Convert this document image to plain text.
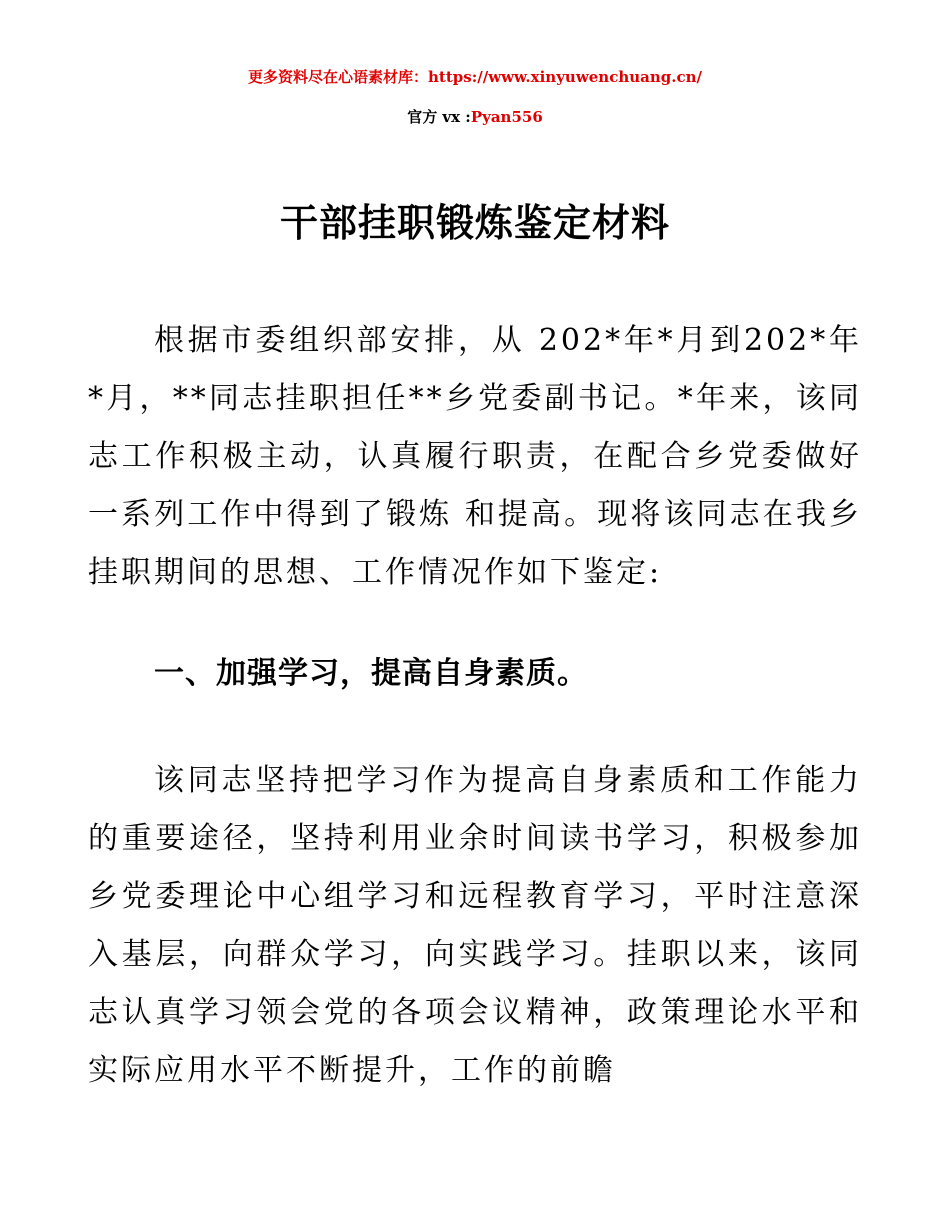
更多资料尽在心语素材库：https://www.xinyuwenchuang.cn/
官方 vx :Pyan556
干部挂职锻炼鉴定材料

根据市委组织部安排，从 202*年*月到202*年*月，**同志挂职担任**乡党委副书记。*年来，该同志工作积极主动，认真履行职责，在配合乡党委做好一系列工作中得到了锻炼 和提高。现将该同志在我乡挂职期间的思想、工作情况作如下鉴定:

一、加强学习，提高自身素质。

该同志坚持把学习作为提高自身素质和工作能力的重要途径，坚持利用业余时间读书学习，积极参加乡党委理论中心组学习和远程教育学习，平时注意深入基层，向群众学习，向实践学习。挂职以来，该同志认真学习领会党的各项会议精神，政策理论水平和实际应用水平不断提升，工作的前瞻
